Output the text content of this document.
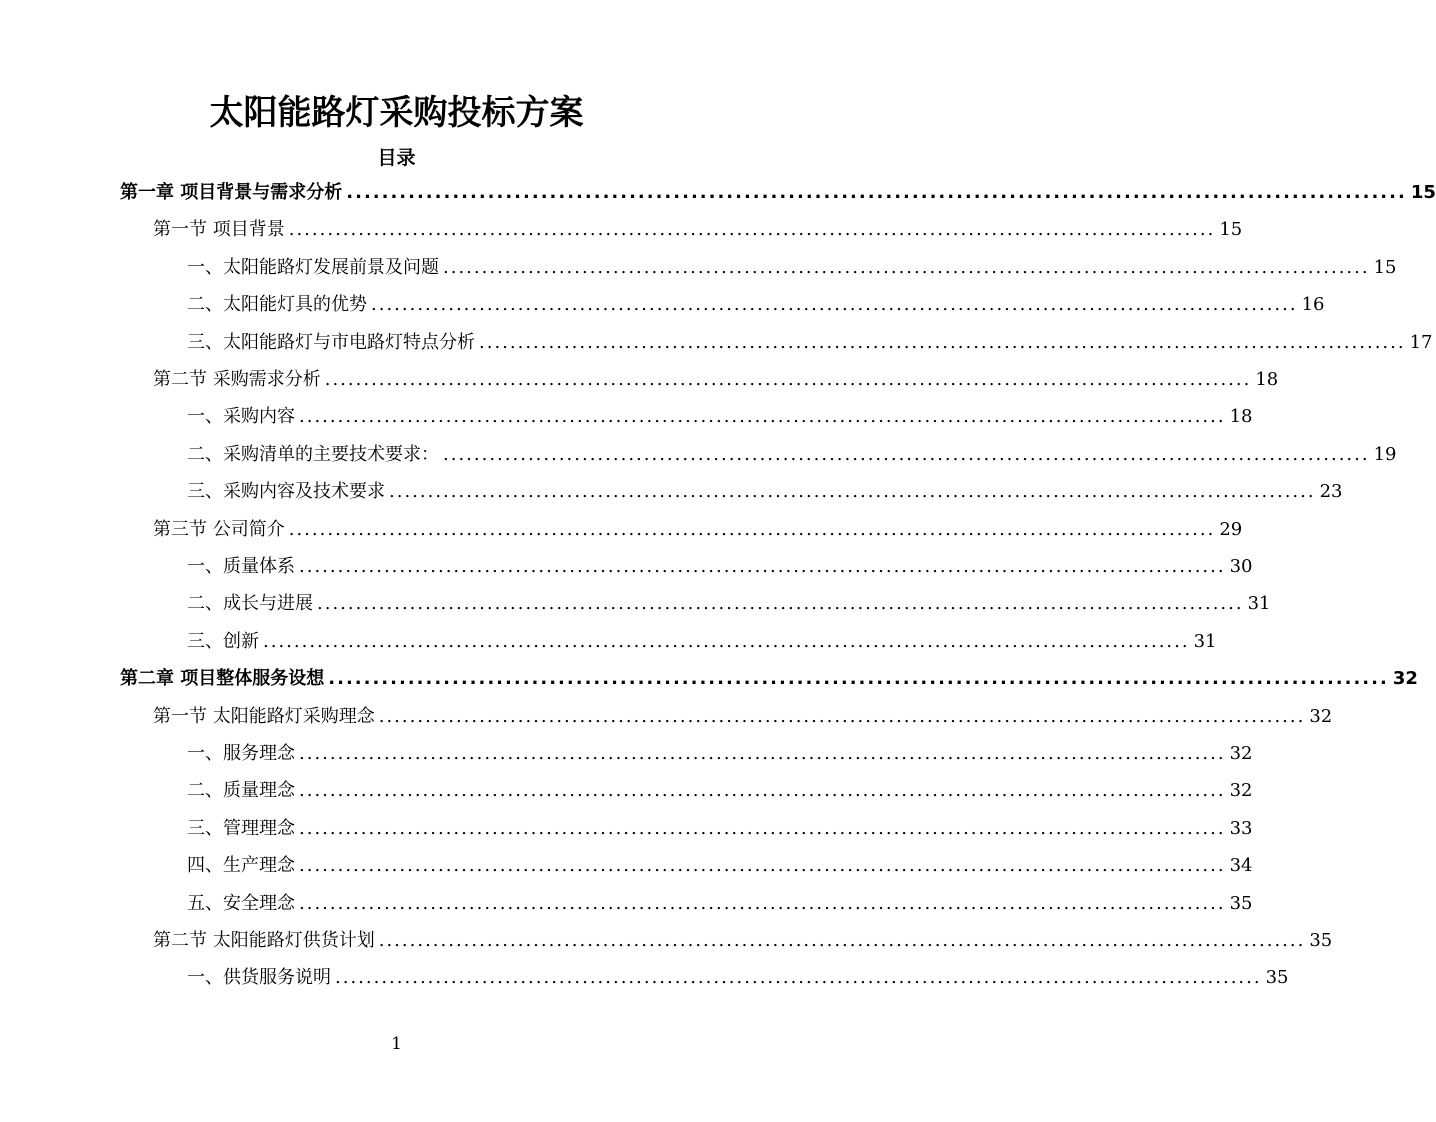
太阳能路灯采购投标方案
目录
第一章 项目背景与需求分析 ........................................................................................................................ 15
第一节 项目背景 ........................................................................................................................ 15
一、太阳能路灯发展前景及问题 ........................................................................................................................ 15
二、太阳能灯具的优势 ........................................................................................................................ 16
三、太阳能路灯与市电路灯特点分析 ........................................................................................................................ 17
第二节 采购需求分析 ........................................................................................................................ 18
一、采购内容 ........................................................................................................................ 18
二、采购清单的主要技术要求： ........................................................................................................................ 19
三、采购内容及技术要求 ........................................................................................................................ 23
第三节 公司简介 ........................................................................................................................ 29
一、质量体系 ........................................................................................................................ 30
二、成长与进展 ........................................................................................................................ 31
三、创新 ........................................................................................................................ 31
第二章 项目整体服务设想 ........................................................................................................................ 32
第一节 太阳能路灯采购理念 ........................................................................................................................ 32
一、服务理念 ........................................................................................................................ 32
二、质量理念 ........................................................................................................................ 32
三、管理理念 ........................................................................................................................ 33
四、生产理念 ........................................................................................................................ 34
五、安全理念 ........................................................................................................................ 35
第二节 太阳能路灯供货计划 ........................................................................................................................ 35
一、供货服务说明 ........................................................................................................................ 35
1
